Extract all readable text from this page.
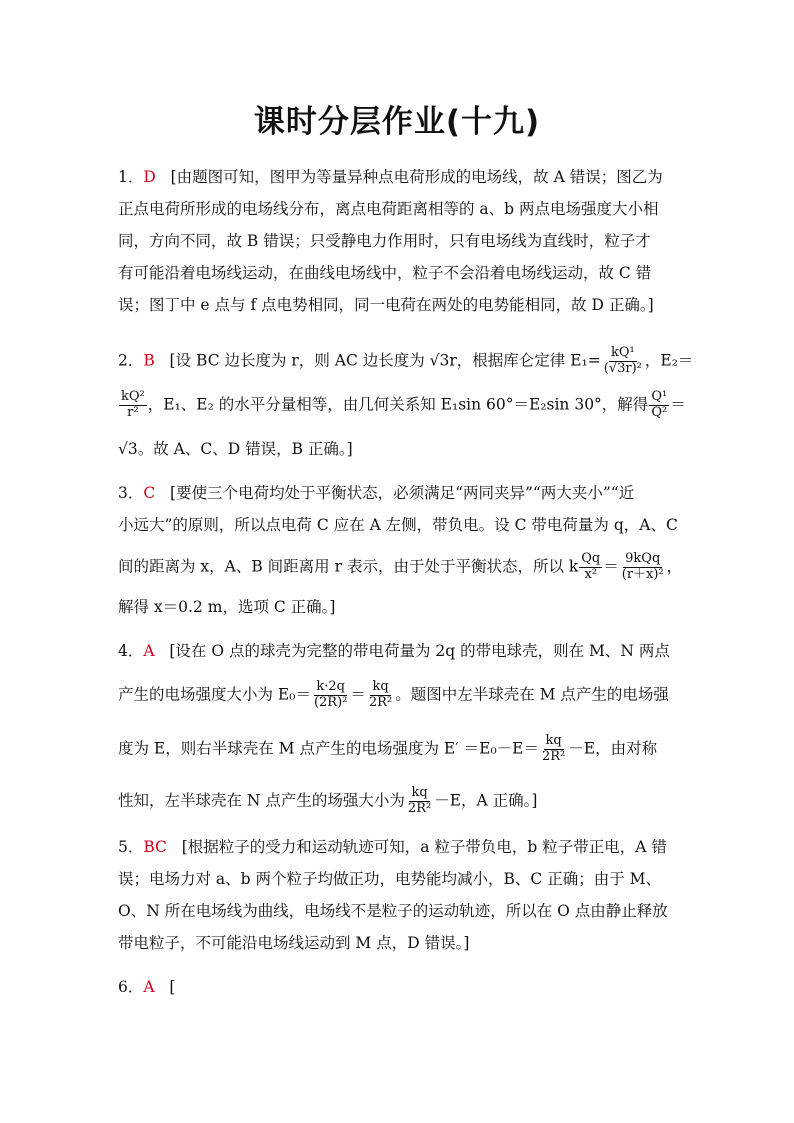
课时分层作业(十九)
1．D [由题图可知，图甲为等量异种点电荷形成的电场线，故 A 错误；图乙为
正点电荷所形成的电场线分布，离点电荷距离相等的 a、b 两点电场强度大小相
同，方向不同，故 B 错误；只受静电力作用时，只有电场线为直线时，粒子才
有可能沿着电场线运动，在曲线电场线中，粒子不会沿着电场线运动，故 C 错
误；图丁中 e 点与 f 点电势相同，同一电荷在两处的电势能相同，故 D 正确。]
2．B [设 BC 边长度为 r，则 AC 边长度为 √3r，根据库仑定律 $E_1= \frac{\text{kQ¹}}{\text{(√3r)²}}$ ，E₂＝
$\frac{\text{kQ²}}{\text{r²}}$ ，E₁、E₂ 的水平分量相等，由几何关系知 E₁sin 60°＝E₂sin 30°，解得 $\frac{\text{Q¹}}{\text{Q²}}$ ＝
√3。故 A、C、D 错误，B 正确。]
3．C [要使三个电荷均处于平衡状态，必须满足“两同夹异”“两大夹小”“近
小远大”的原则，所以点电荷 C 应在 A 左侧，带负电。设 C 带电荷量为 q，A、C
间的距离为 x，A、B 间距离用 r 表示，由于处于平衡状态，所以 k $\frac{Qq}{\text{x²}} = \frac{\text{9kQq}}{\text{(r＋x)²}}$ ，
解得 x＝0.2 m，选项 C 正确。]
4．A [设在 O 点的球壳为完整的带电荷量为 2q 的带电球壳，则在 M、N 两点
产生的电场强度大小为 $E_0= \frac{k\cdot 2q}{\text{(2R)²}} = \frac{kq}{\text{2R²}}$ 。题图中左半球壳在 M 点产生的电场强
度为 E，则右半球壳在 M 点产生的电场强度为 $E' =E_0-E= \frac{kq}{\text{2R²}} -E$，由对称
性知，左半球壳在 N 点产生的场强大小为 $\frac{kq}{\text{2R²}} -E$，A 正确。]
5．BC [根据粒子的受力和运动轨迹可知，a 粒子带负电，b 粒子带正电，A 错
误；电场力对 a、b 两个粒子均做正功，电势能均减小，B、C 正确；由于 M、
O、N 所在电场线为曲线，电场线不是粒子的运动轨迹，所以在 O 点由静止释放
带电粒子，不可能沿电场线运动到 M 点，D 错误。]
6．A [
